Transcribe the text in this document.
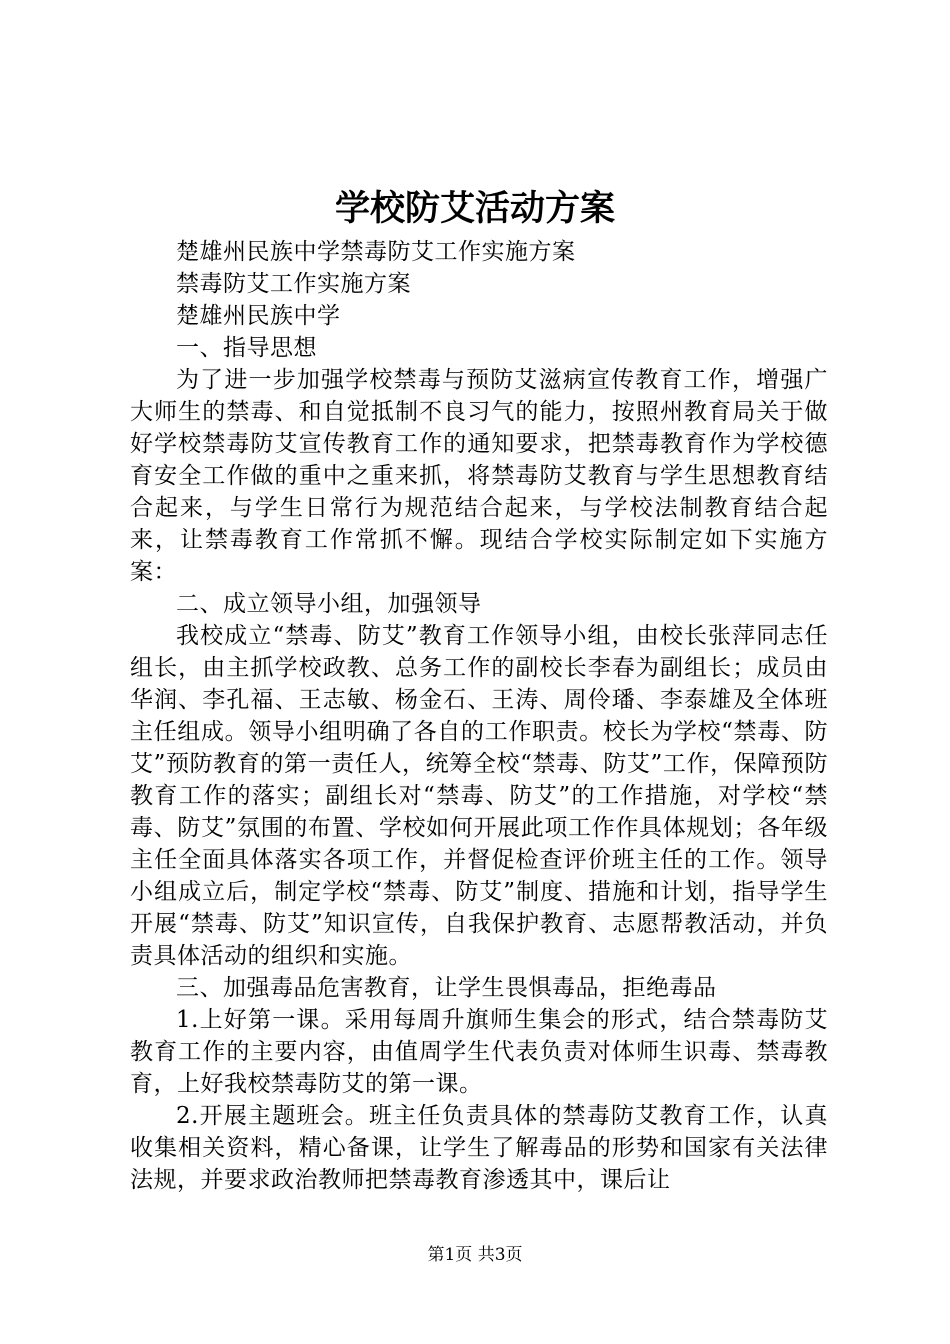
学校防艾活动方案

楚雄州民族中学禁毒防艾工作实施方案

禁毒防艾工作实施方案

楚雄州民族中学

一、指导思想

为了进一步加强学校禁毒与预防艾滋病宣传教育工作，增强广大师生的禁毒、和自觉抵制不良习气的能力，按照州教育局关于做好学校禁毒防艾宣传教育工作的通知要求，把禁毒教育作为学校德育安全工作做的重中之重来抓，将禁毒防艾教育与学生思想教育结合起来，与学生日常行为规范结合起来，与学校法制教育结合起来，让禁毒教育工作常抓不懈。现结合学校实际制定如下实施方案：

二、成立领导小组，加强领导

我校成立“禁毒、防艾”教育工作领导小组，由校长张萍同志任组长，由主抓学校政教、总务工作的副校长李春为副组长；成员由华润、李孔福、王志敏、杨金石、王涛、周伶璠、李泰雄及全体班主任组成。领导小组明确了各自的工作职责。校长为学校“禁毒、防艾”预防教育的第一责任人，统筹全校“禁毒、防艾”工作，保障预防教育工作的落实；副组长对“禁毒、防艾”的工作措施，对学校“禁毒、防艾”氛围的布置、学校如何开展此项工作作具体规划；各年级主任全面具体落实各项工作，并督促检查评价班主任的工作。领导小组成立后，制定学校“禁毒、防艾”制度、措施和计划，指导学生开展“禁毒、防艾”知识宣传，自我保护教育、志愿帮教活动，并负责具体活动的组织和实施。

三、加强毒品危害教育，让学生畏惧毒品，拒绝毒品

1.上好第一课。采用每周升旗师生集会的形式，结合禁毒防艾教育工作的主要内容，由值周学生代表负责对体师生识毒、禁毒教育，上好我校禁毒防艾的第一课。

2.开展主题班会。班主任负责具体的禁毒防艾教育工作，认真收集相关资料，精心备课，让学生了解毒品的形势和国家有关法律法规，并要求政治教师把禁毒教育渗透其中，课后让

第1页 共3页
